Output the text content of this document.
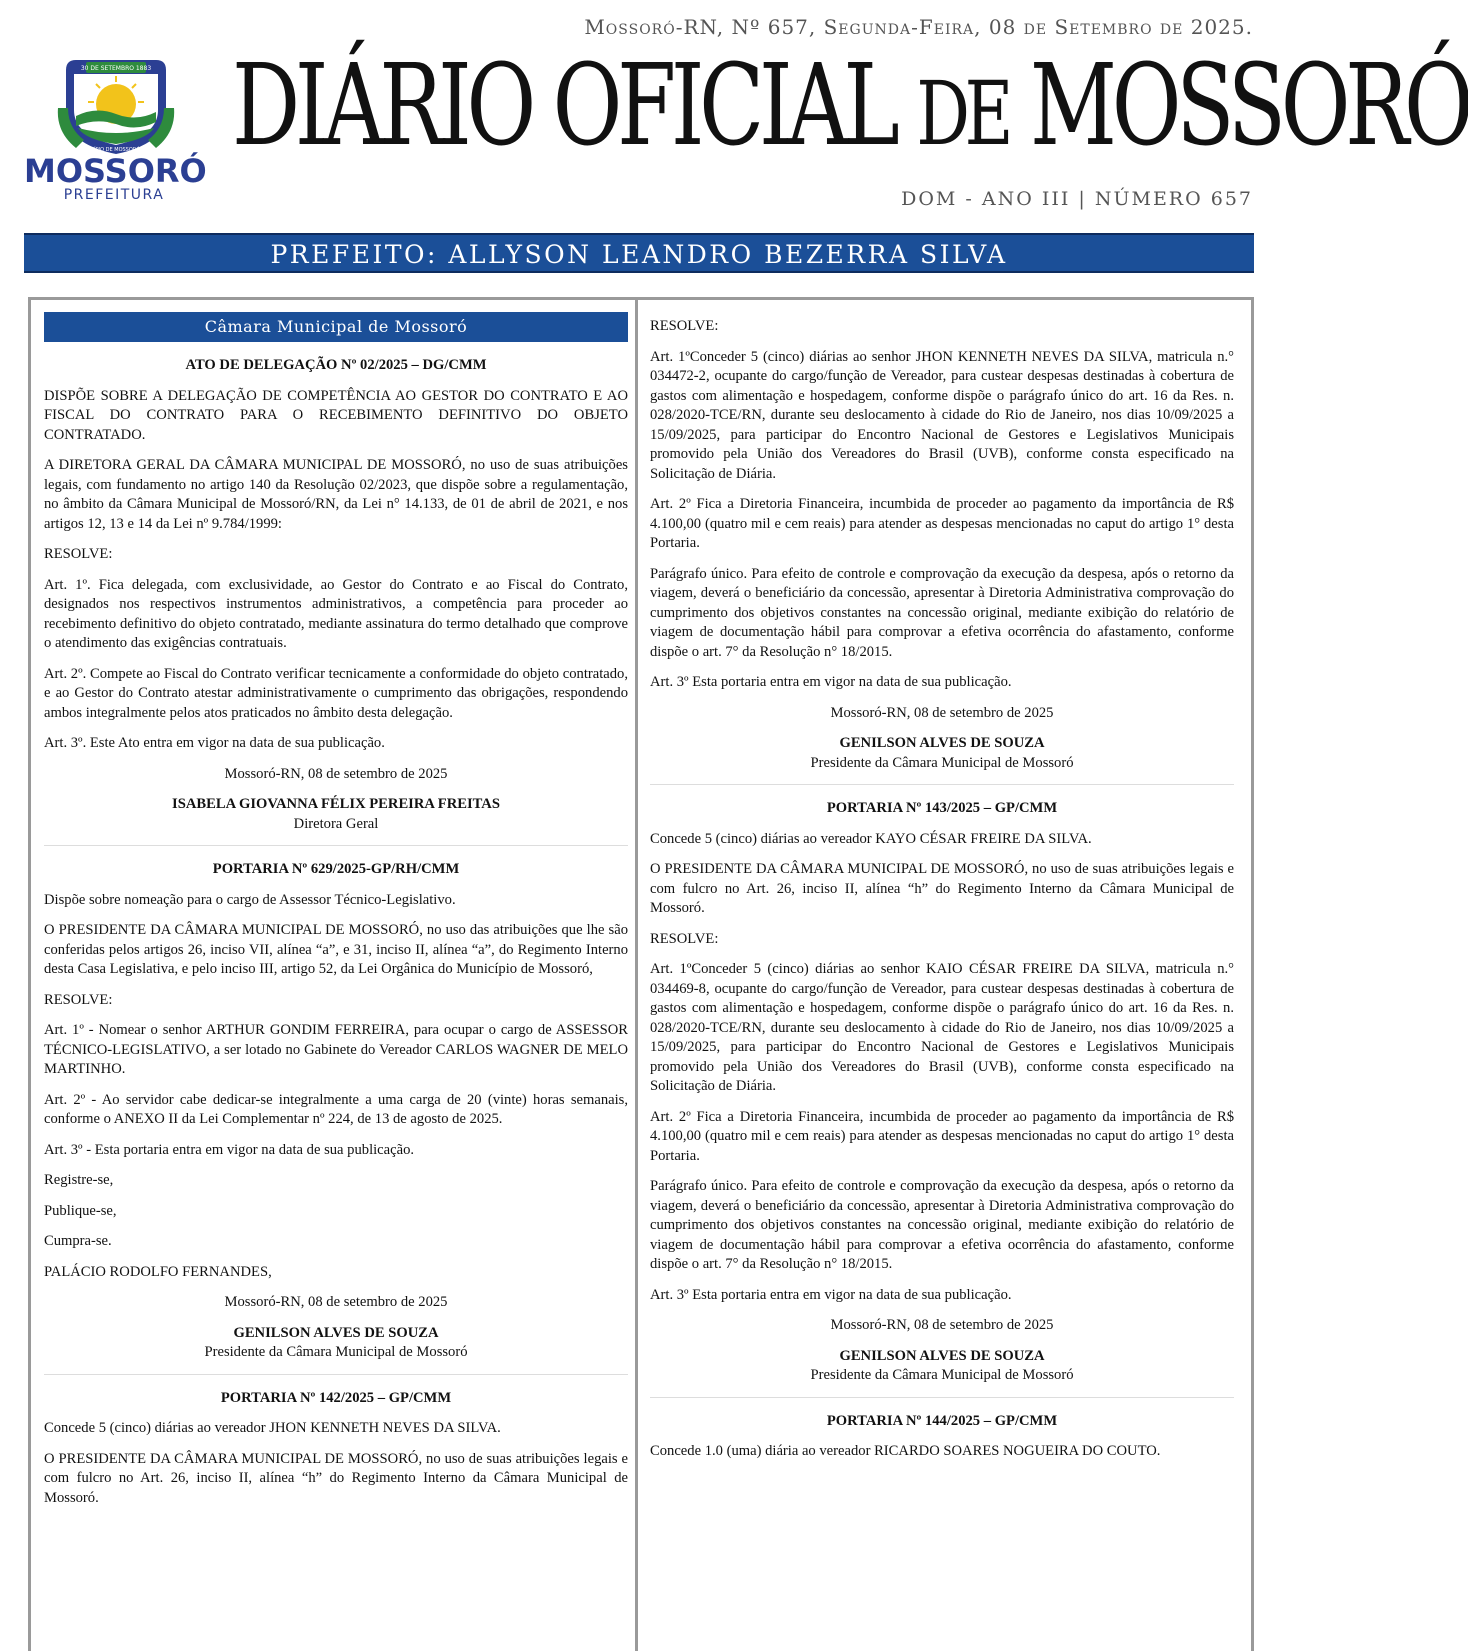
30 DE SETEMBRO 1883
MUNICÍPIO DE MOSSORÓ 1852
MOSSORÓ
PREFEITURA
Mossoró-RN, Nº 657, Segunda-Feira, 08 de Setembro de 2025.
DIÁRIO OFICIAL DE MOSSORÓ
DOM - ANO III | NÚMERO 657
PREFEITO: ALLYSON LEANDRO BEZERRA SILVA
Câmara Municipal de Mossoró
ATO DE DELEGAÇÃO Nº 02/2025 – DG/CMM
DISPÕE SOBRE A DELEGAÇÃO DE COMPETÊNCIA AO GESTOR DO CONTRATO E AO FISCAL DO CONTRATO PARA O RECEBIMENTO DEFINITIVO DO OBJETO CONTRATADO.
A DIRETORA GERAL DA CÂMARA MUNICIPAL DE MOSSORÓ, no uso de suas atribuições legais, com fundamento no artigo 140 da Resolução 02/2023, que dispõe sobre a regulamentação, no âmbito da Câmara Municipal de Mossoró/RN, da Lei n° 14.133, de 01 de abril de 2021, e nos artigos 12, 13 e 14 da Lei nº 9.784/1999:
RESOLVE:
Art. 1º. Fica delegada, com exclusividade, ao Gestor do Contrato e ao Fiscal do Contrato, designados nos respectivos instrumentos administrativos, a competência para proceder ao recebimento definitivo do objeto contratado, mediante assinatura do termo detalhado que comprove o atendimento das exigências contratuais.
Art. 2º. Compete ao Fiscal do Contrato verificar tecnicamente a conformidade do objeto contratado, e ao Gestor do Contrato atestar administrativamente o cumprimento das obrigações, respondendo ambos integralmente pelos atos praticados no âmbito desta delegação.
Art. 3º. Este Ato entra em vigor na data de sua publicação.
Mossoró-RN, 08 de setembro de 2025
ISABELA GIOVANNA FÉLIX PEREIRA FREITAS
Diretora Geral
PORTARIA Nº 629/2025-GP/RH/CMM
Dispõe sobre nomeação para o cargo de Assessor Técnico-Legislativo.
O PRESIDENTE DA CÂMARA MUNICIPAL DE MOSSORÓ, no uso das atribuições que lhe são conferidas pelos artigos 26, inciso VII, alínea “a”, e 31, inciso II, alínea “a”, do Regimento Interno desta Casa Legislativa, e pelo inciso III, artigo 52, da Lei Orgânica do Município de Mossoró,
RESOLVE:
Art. 1º - Nomear o senhor ARTHUR GONDIM FERREIRA, para ocupar o cargo de ASSESSOR TÉCNICO-LEGISLATIVO, a ser lotado no Gabinete do Vereador CARLOS WAGNER DE MELO MARTINHO.
Art. 2º - Ao servidor cabe dedicar-se integralmente a uma carga de 20 (vinte) horas semanais, conforme o ANEXO II da Lei Complementar nº 224, de 13 de agosto de 2025.
Art. 3º - Esta portaria entra em vigor na data de sua publicação.
Registre-se,
Publique-se,
Cumpra-se.
PALÁCIO RODOLFO FERNANDES,
Mossoró-RN, 08 de setembro de 2025
GENILSON ALVES DE SOUZA
Presidente da Câmara Municipal de Mossoró
PORTARIA Nº 142/2025 – GP/CMM
Concede 5 (cinco) diárias ao vereador JHON KENNETH NEVES DA SILVA.
O PRESIDENTE DA CÂMARA MUNICIPAL DE MOSSORÓ, no uso de suas atribuições legais e com fulcro no Art. 26, inciso II, alínea “h” do Regimento Interno da Câmara Municipal de Mossoró.
RESOLVE:
Art. 1ºConceder 5 (cinco) diárias ao senhor JHON KENNETH NEVES DA SILVA, matricula n.° 034472-2, ocupante do cargo/função de Vereador, para custear despesas destinadas à cobertura de gastos com alimentação e hospedagem, conforme dispõe o parágrafo único do art. 16 da Res. n. 028/2020-TCE/RN, durante seu deslocamento à cidade do Rio de Janeiro, nos dias 10/09/2025 a 15/09/2025, para participar do Encontro Nacional de Gestores e Legislativos Municipais promovido pela União dos Vereadores do Brasil (UVB), conforme consta especificado na Solicitação de Diária.
Art. 2º Fica a Diretoria Financeira, incumbida de proceder ao pagamento da importância de R$ 4.100,00 (quatro mil e cem reais) para atender as despesas mencionadas no caput do artigo 1° desta Portaria.
Parágrafo único. Para efeito de controle e comprovação da execução da despesa, após o retorno da viagem, deverá o beneficiário da concessão, apresentar à Diretoria Administrativa comprovação do cumprimento dos objetivos constantes na concessão original, mediante exibição do relatório de viagem de documentação hábil para comprovar a efetiva ocorrência do afastamento, conforme dispõe o art. 7° da Resolução n° 18/2015.
Art. 3º Esta portaria entra em vigor na data de sua publicação.
Mossoró-RN, 08 de setembro de 2025
GENILSON ALVES DE SOUZA
Presidente da Câmara Municipal de Mossoró
PORTARIA Nº 143/2025 – GP/CMM
Concede 5 (cinco) diárias ao vereador KAYO CÉSAR FREIRE DA SILVA.
O PRESIDENTE DA CÂMARA MUNICIPAL DE MOSSORÓ, no uso de suas atribuições legais e com fulcro no Art. 26, inciso II, alínea “h” do Regimento Interno da Câmara Municipal de Mossoró.
RESOLVE:
Art. 1ºConceder 5 (cinco) diárias ao senhor KAIO CÉSAR FREIRE DA SILVA, matricula n.° 034469-8, ocupante do cargo/função de Vereador, para custear despesas destinadas à cobertura de gastos com alimentação e hospedagem, conforme dispõe o parágrafo único do art. 16 da Res. n. 028/2020-TCE/RN, durante seu deslocamento à cidade do Rio de Janeiro, nos dias 10/09/2025 a 15/09/2025, para participar do Encontro Nacional de Gestores e Legislativos Municipais promovido pela União dos Vereadores do Brasil (UVB), conforme consta especificado na Solicitação de Diária.
Art. 2º Fica a Diretoria Financeira, incumbida de proceder ao pagamento da importância de R$ 4.100,00 (quatro mil e cem reais) para atender as despesas mencionadas no caput do artigo 1° desta Portaria.
Parágrafo único. Para efeito de controle e comprovação da execução da despesa, após o retorno da viagem, deverá o beneficiário da concessão, apresentar à Diretoria Administrativa comprovação do cumprimento dos objetivos constantes na concessão original, mediante exibição do relatório de viagem de documentação hábil para comprovar a efetiva ocorrência do afastamento, conforme dispõe o art. 7° da Resolução n° 18/2015.
Art. 3º Esta portaria entra em vigor na data de sua publicação.
Mossoró-RN, 08 de setembro de 2025
GENILSON ALVES DE SOUZA
Presidente da Câmara Municipal de Mossoró
PORTARIA Nº 144/2025 – GP/CMM
Concede 1.0 (uma) diária ao vereador RICARDO SOARES NOGUEIRA DO COUTO.
